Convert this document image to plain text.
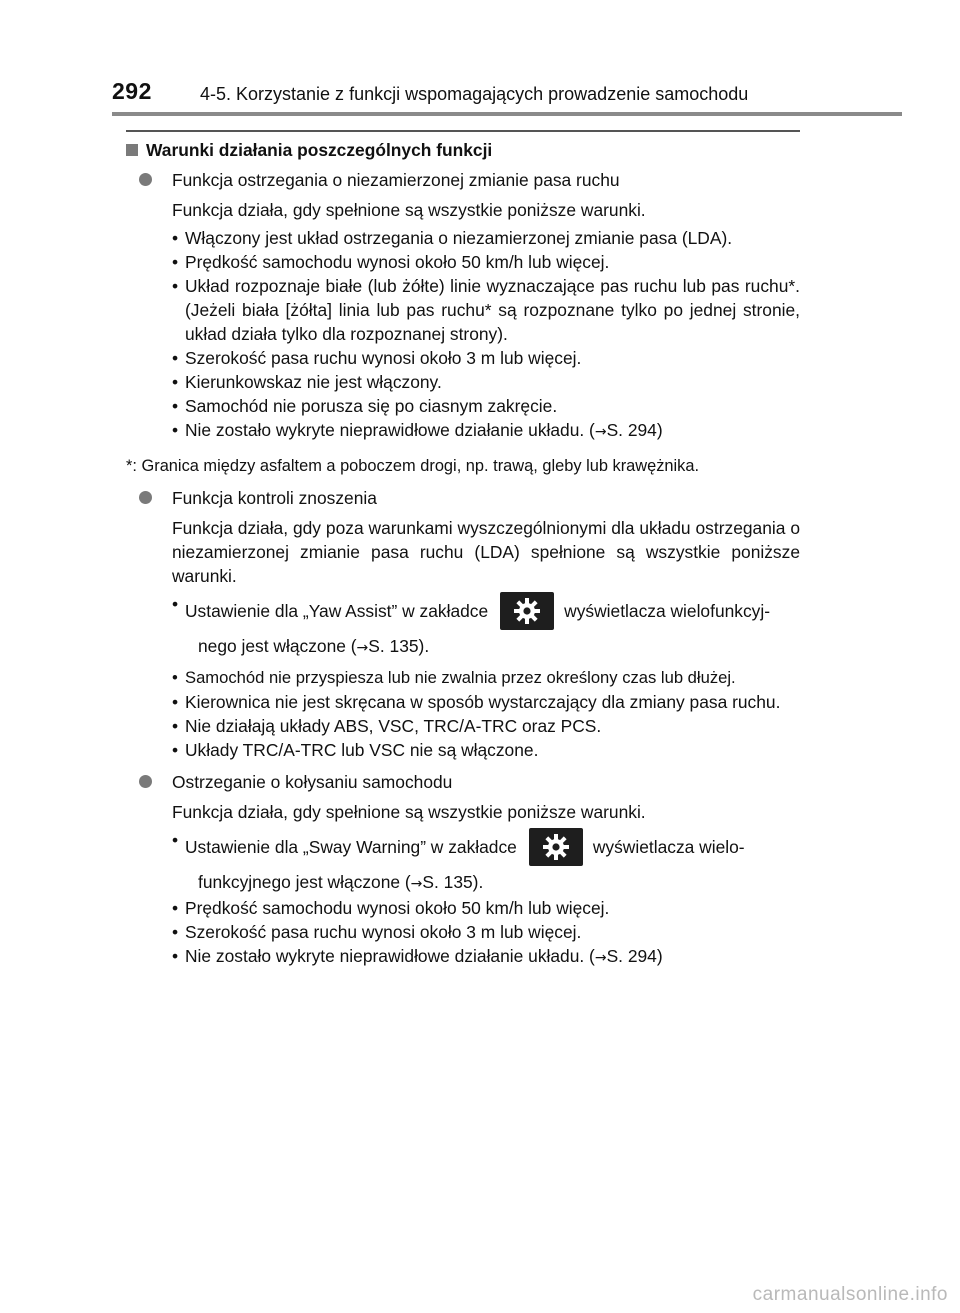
292	4-5. Korzystanie z funkcji wspomagających prowadzenie samochodu
Warunki działania poszczególnych funkcji
Funkcja ostrzegania o niezamierzonej zmianie pasa ruchu
Funkcja działa, gdy spełnione są wszystkie poniższe warunki.
• Włączony jest układ ostrzegania o niezamierzonej zmianie pasa (LDA).
• Prędkość samochodu wynosi około 50 km/h lub więcej.
• Układ rozpoznaje białe (lub żółte) linie wyznaczające pas ruchu lub pas ruchu*. (Jeżeli biała [żółta] linia lub pas ruchu* są rozpoznane tylko po jednej stronie, układ działa tylko dla rozpoznanej strony).
• Szerokość pasa ruchu wynosi około 3 m lub więcej.
• Kierunkowskaz nie jest włączony.
• Samochód nie porusza się po ciasnym zakręcie.
• Nie zostało wykryte nieprawidłowe działanie układu. (→S. 294)
*: Granica między asfaltem a poboczem drogi, np. trawą, gleby lub krawężnika.
Funkcja kontroli znoszenia
Funkcja działa, gdy poza warunkami wyszczególnionymi dla układu ostrzegania o niezamierzonej zmianie pasa ruchu (LDA) spełnione są wszystkie poniższe warunki.
• Ustawienie dla „Yaw Assist” w zakładce	wyświetlacza wielofunkcyj-
nego jest włączone (→S. 135).
• Samochód nie przyspiesza lub nie zwalnia przez określony czas lub dłużej.
• Kierownica nie jest skręcana w sposób wystarczający dla zmiany pasa ruchu.
• Nie działają układy ABS, VSC, TRC/A-TRC oraz PCS.
• Układy TRC/A-TRC lub VSC nie są włączone.
Ostrzeganie o kołysaniu samochodu
Funkcja działa, gdy spełnione są wszystkie poniższe warunki.
• Ustawienie dla „Sway Warning” w zakładce	wyświetlacza wielo-
funkcyjnego jest włączone (→S. 135).
• Prędkość samochodu wynosi około 50 km/h lub więcej.
• Szerokość pasa ruchu wynosi około 3 m lub więcej.
• Nie zostało wykryte nieprawidłowe działanie układu. (→S. 294)
carmanualsonline.info
